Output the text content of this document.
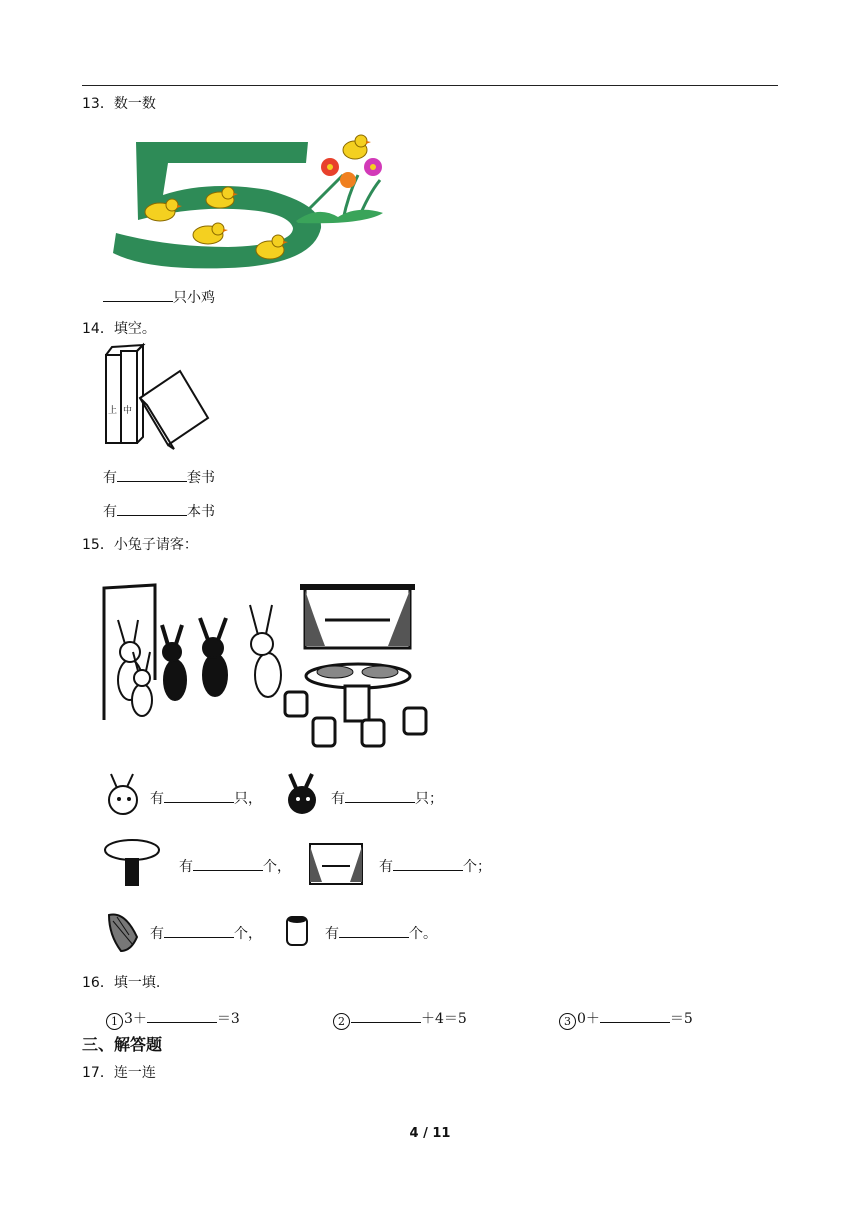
13．数一数
只小鸡
14．填空。
上 中
有	套书
有	本书
15．小兔子请客：
有	只，	有	只；
有	个，	有	个；
有	个，	有	个。
16．填一填.
1 3＋	＝3	2	＋4＝5	3 0＋	＝5
三、解答题
17．连一连
4 / 11
